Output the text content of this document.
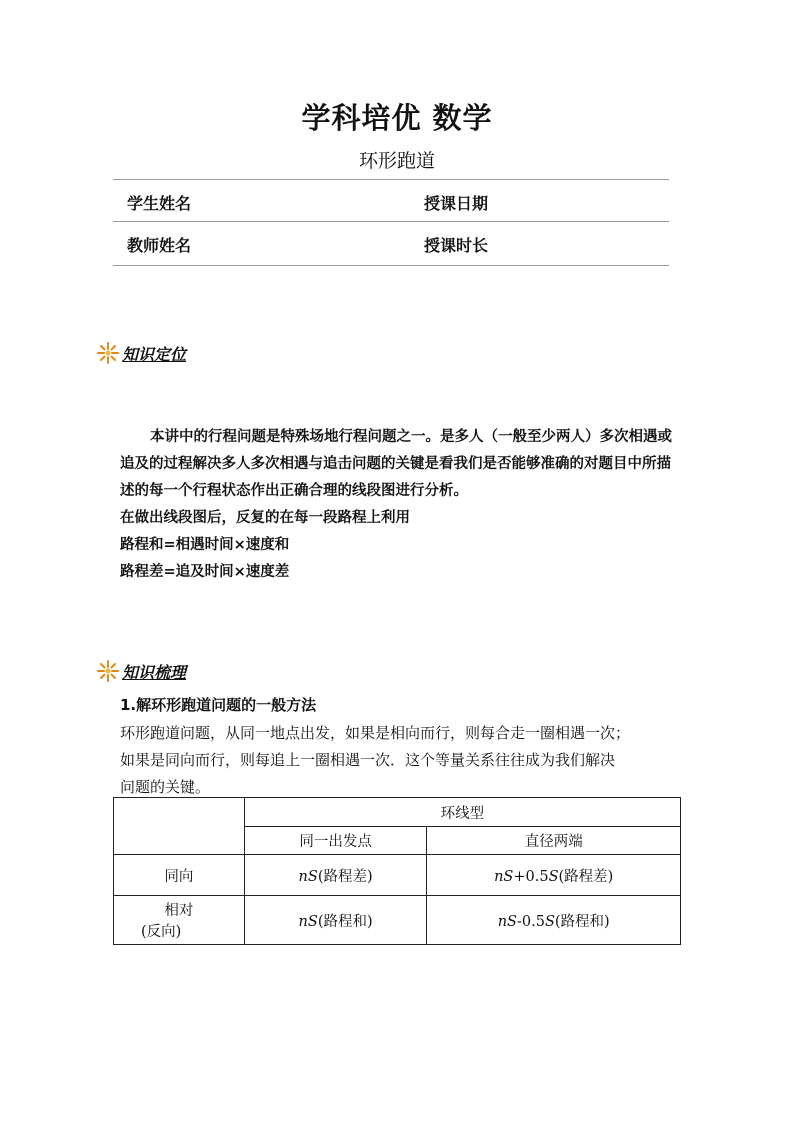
学科培优 数学
环形跑道
学生姓名	授课日期
教师姓名	授课时长
知识定位

本讲中的行程问题是特殊场地行程问题之一。是多人（一般至少两人）多次相遇或追及的过程解决多人多次相遇与追击问题的关键是看我们是否能够准确的对题目中所描述的每一个行程状态作出正确合理的线段图进行分析。

在做出线段图后，反复的在每一段路程上利用

路程和=相遇时间×速度和

路程差=追及时间×速度差

知识梳理
1.解环形跑道问题的一般方法

环形跑道问题，从同一地点出发，如果是相向而行，则每合走一圈相遇一次；

如果是同向而行，则每追上一圈相遇一次．这个等量关系往往成为我们解决

问题的关键。

	环线型	
	同一出发点	直径两端
同向	nS(路程差)	nS+0.5S(路程差)

相对
(反向)	nS(路程和)	nS-0.5S(路程和)
